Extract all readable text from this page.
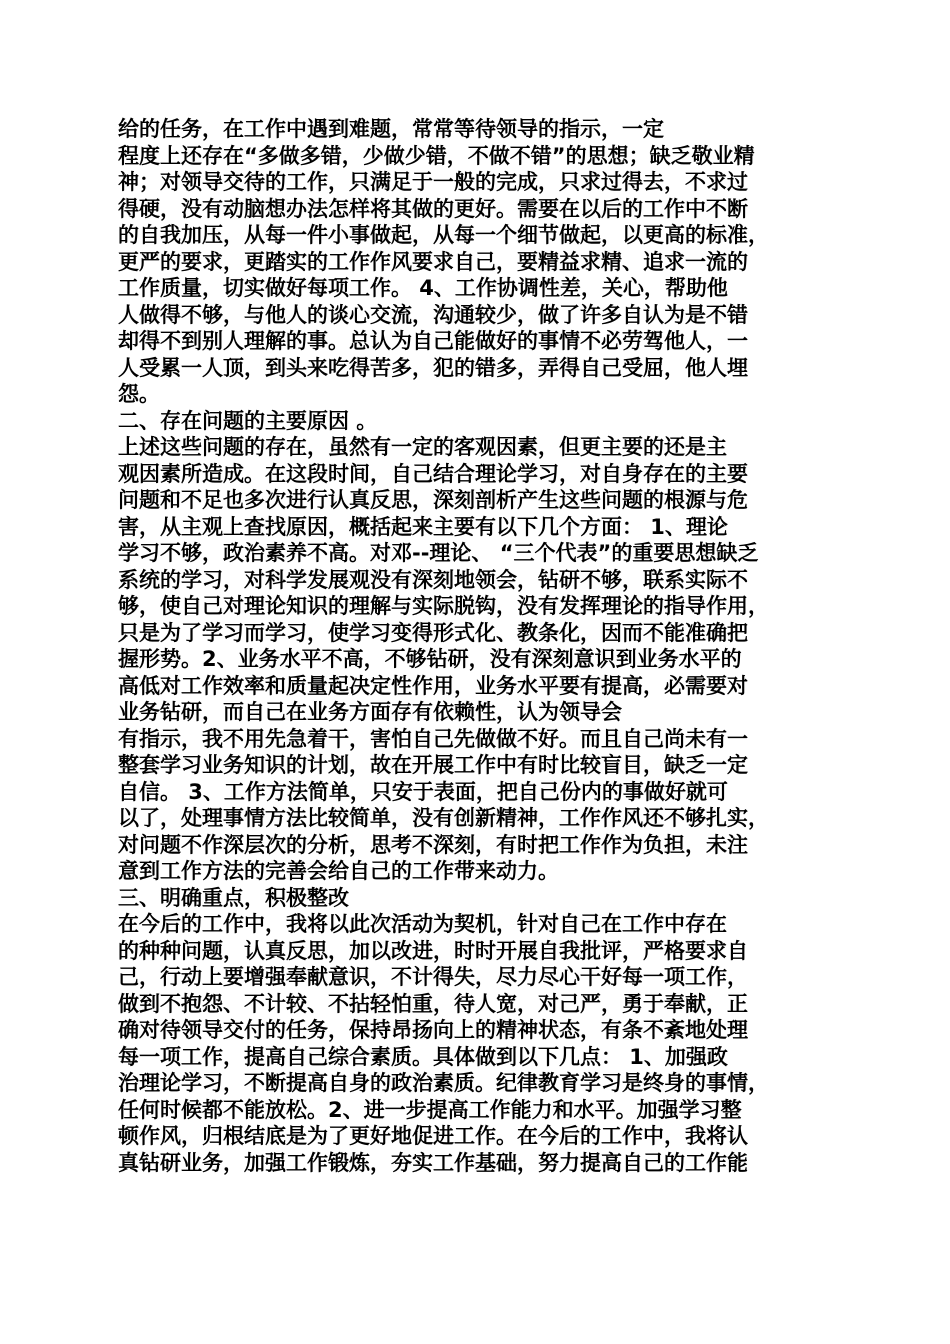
给的任务，在工作中遇到难题，常常等待领导的指示，一定
程度上还存在“多做多错，少做少错，不做不错”的思想；缺乏敬业精
神；对领导交待的工作，只满足于一般的完成，只求过得去，不求过
得硬，没有动脑想办法怎样将其做的更好。需要在以后的工作中不断
的自我加压，从每一件小事做起，从每一个细节做起，以更高的标准，
更严的要求，更踏实的工作作风要求自己，要精益求精、追求一流的
工作质量，切实做好每项工作。 4、工作协调性差，关心，帮助他
人做得不够，与他人的谈心交流，沟通较少，做了许多自认为是不错
却得不到别人理解的事。总认为自己能做好的事情不必劳驾他人，一
人受累一人顶，到头来吃得苦多，犯的错多，弄得自己受屈，他人埋
怨。
二、存在问题的主要原因 。
上述这些问题的存在，虽然有一定的客观因素，但更主要的还是主
观因素所造成。在这段时间，自己结合理论学习，对自身存在的主要
问题和不足也多次进行认真反思，深刻剖析产生这些问题的根源与危
害，从主观上查找原因，概括起来主要有以下几个方面： 1、理论
学习不够，政治素养不高。对邓--理论、 “三个代表”的重要思想缺乏
系统的学习，对科学发展观没有深刻地领会，钻研不够，联系实际不
够，使自己对理论知识的理解与实际脱钩，没有发挥理论的指导作用，
只是为了学习而学习，使学习变得形式化、教条化，因而不能准确把
握形势。2、业务水平不高，不够钻研，没有深刻意识到业务水平的
高低对工作效率和质量起决定性作用，业务水平要有提高，必需要对
业务钻研，而自己在业务方面存有依赖性，认为领导会
有指示，我不用先急着干，害怕自己先做做不好。而且自己尚未有一
整套学习业务知识的计划，故在开展工作中有时比较盲目，缺乏一定
自信。 3、工作方法简单，只安于表面，把自己份内的事做好就可
以了，处理事情方法比较简单，没有创新精神，工作作风还不够扎实，
对问题不作深层次的分析，思考不深刻，有时把工作作为负担，未注
意到工作方法的完善会给自己的工作带来动力。
三、明确重点，积极整改
在今后的工作中，我将以此次活动为契机，针对自己在工作中存在
的种种问题，认真反思，加以改进，时时开展自我批评，严格要求自
己，行动上要增强奉献意识，不计得失，尽力尽心干好每一项工作，
做到不抱怨、不计较、不拈轻怕重，待人宽，对己严，勇于奉献，正
确对待领导交付的任务，保持昂扬向上的精神状态，有条不紊地处理
每一项工作，提高自己综合素质。具体做到以下几点： 1、加强政
治理论学习，不断提高自身的政治素质。纪律教育学习是终身的事情，
任何时候都不能放松。2、进一步提高工作能力和水平。加强学习整
顿作风，归根结底是为了更好地促进工作。在今后的工作中，我将认
真钻研业务，加强工作锻炼，夯实工作基础，努力提高自己的工作能
